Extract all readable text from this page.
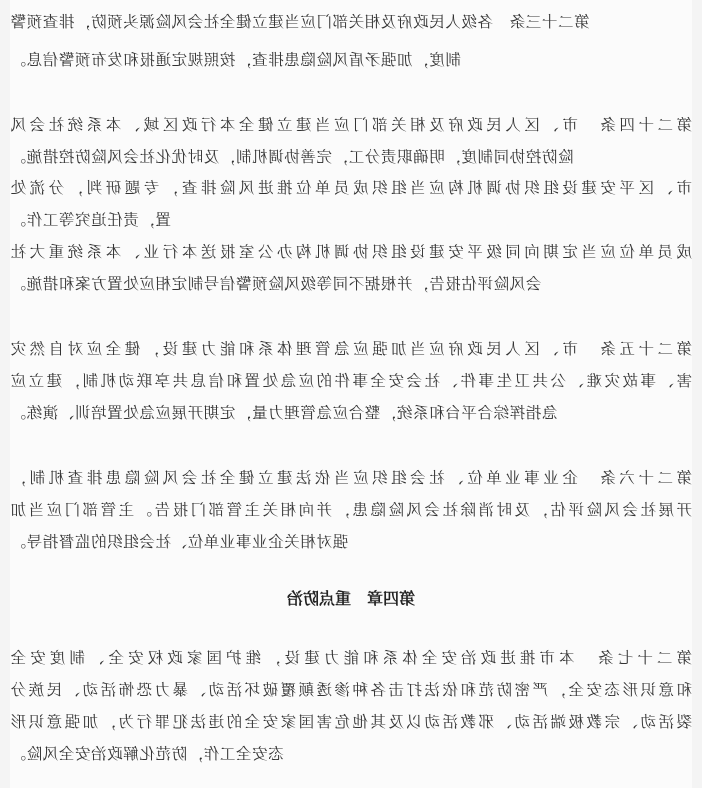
第二十三条　各级人民政府及相关部门应当建立健全社会风险源头预防，排查预警
制度，加强矛盾风险隐患排查，按照规定通报和发布预警信息。
第二十四条　市、区人民政府及相关部门应当建立健全本行政区域、本系统社会风
险防控协同制度，明确职责分工，完善协调机制，及时优化社会风险防控措施。
市、区平安建设组织协调机构应当组织成员单位推进风险排查，专题研判，分流处
置，责任追究等工作。
成员单位应当定期向同级平安建设组织协调机构办公室报送本行业、本系统重大社
会风险评估报告，并根据不同等级风险预警信号制定相应处置方案和措施。
第二十五条　市、区人民政府应当加强应急管理体系和能力建设，健全应对自然灾
害、事故灾难、公共卫生事件、社会安全事件的应急处置和信息共享联动机制，建立应
急指挥综合平台和系统，整合应急管理力量，定期开展应急处置培训、演练。
第二十六条　企业事业单位、社会组织应当依法建立健全社会风险隐患排查机制，
开展社会风险评估，及时消除社会风险隐患，并向相关主管部门报告。主管部门应当加
强对相关企业事业单位、社会组织的监督指导。
第四章　重点防治
第二十七条　本市推进政治安全体系和能力建设，维护国家政权安全、制度安全
和意识形态安全，严密防范和依法打击各种渗透颠覆破坏活动、暴力恐怖活动、民族分
裂活动、宗教极端活动、邪教活动以及其他危害国家安全的违法犯罪行为，加强意识形
态安全工作，防范化解政治安全风险。
